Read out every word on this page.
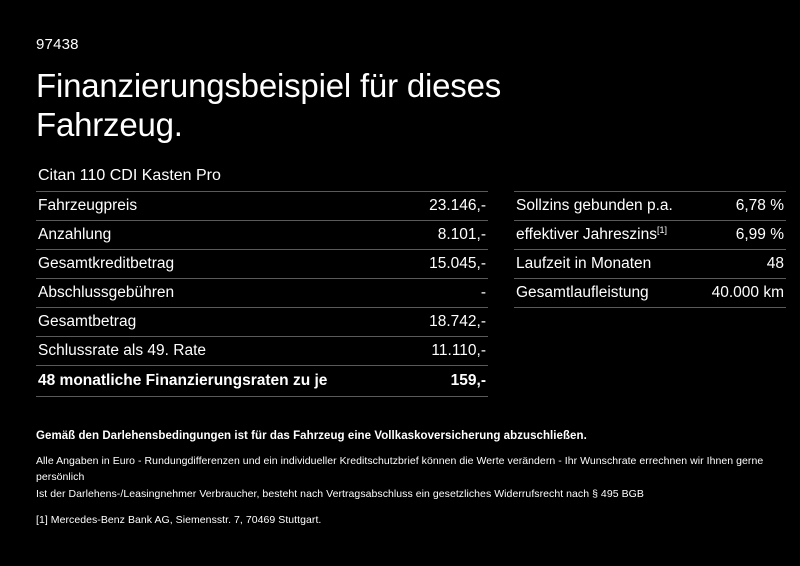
97438
Finanzierungsbeispiel für dieses Fahrzeug.
Citan 110 CDI Kasten Pro
Fahrzeugpreis	23.146,-
Anzahlung	8.101,-
Gesamtkreditbetrag	15.045,-
Abschlussgebühren	-
Gesamtbetrag	18.742,-
Schlussrate als 49. Rate	11.110,-
48 monatliche Finanzierungsraten zu je	159,-
Sollzins gebunden p.a.	6,78 %
effektiver Jahreszins[1]	6,99 %
Laufzeit in Monaten	48
Gesamtlaufleistung	40.000 km
Gemäß den Darlehensbedingungen ist für das Fahrzeug eine Vollkaskoversicherung abzuschließen.
Alle Angaben in Euro - Rundungdifferenzen und ein individueller Kreditschutzbrief können die Werte verändern - Ihr Wunschrate errechnen wir Ihnen gerne persönlich
Ist der Darlehens-/Leasingnehmer Verbraucher, besteht nach Vertragsabschluss ein gesetzliches Widerrufsrecht nach § 495 BGB
[1] Mercedes-Benz Bank AG, Siemensstr. 7, 70469 Stuttgart.
